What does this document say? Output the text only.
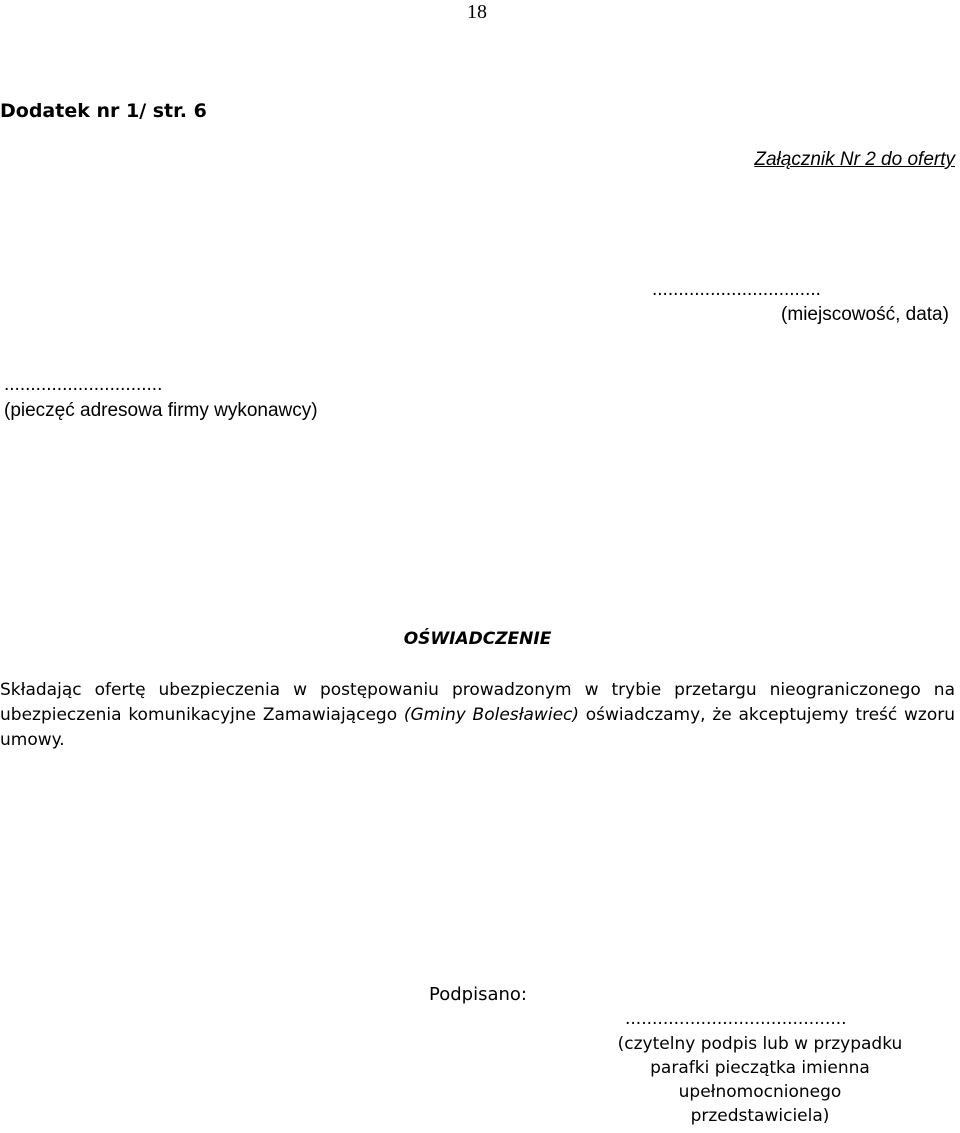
18
Dodatek nr 1/ str. 6
Załącznik Nr 2 do oferty
................................
(miejscowość, data)
..............................
(pieczęć adresowa firmy wykonawcy)
OŚWIADCZENIE
Składając ofertę ubezpieczenia w postępowaniu prowadzonym w trybie przetargu nieograniczonego na ubezpieczenia komunikacyjne Zamawiającego (Gminy Bolesławiec) oświadczamy, że akceptujemy treść wzoru umowy.
Podpisano:
.........................................
(czytelny podpis lub w przypadku parafki pieczątka imienna upełnomocnionego przedstawiciela)
